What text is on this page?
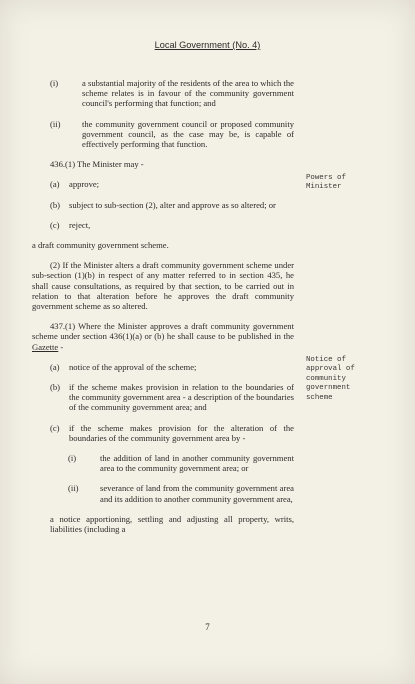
Local Government (No. 4)
(i)	a substantial majority of the residents of the area to which the scheme relates is in favour of the community government council's performing that function; and
(ii)	the community government council or proposed community government council, as the case may be, is capable of effectively performing that function.
436.(1) The Minister may -
(a)	approve;
(b)	subject to sub-section (2), alter and approve as so altered; or
(c)	reject,
a draft community government scheme.
(2) If the Minister alters a draft community government scheme under sub-section (1)(b) in respect of any matter referred to in section 435, he shall cause consultations, as required by that section, to be carried out in relation to that alteration before he approves the draft community government scheme as so altered.
437.(1) Where the Minister approves a draft community government scheme under section 436(1)(a) or (b) he shall cause to be published in the Gazette -
(a)	notice of the approval of the scheme;
(b)	if the scheme makes provision in relation to the boundaries of the community government area - a description of the boundaries of the community government area; and
(c)	if the scheme makes provision for the alteration of the boundaries of the community government area by -
(i)	the addition of land in another community government area to the community government area; or
(ii)	severance of land from the community government area and its addition to another community government area,
a notice apportioning, settling and adjusting all property, writs, liabilities (including a
Powers of
Minister
Notice of
approval of
community
government
scheme
7
